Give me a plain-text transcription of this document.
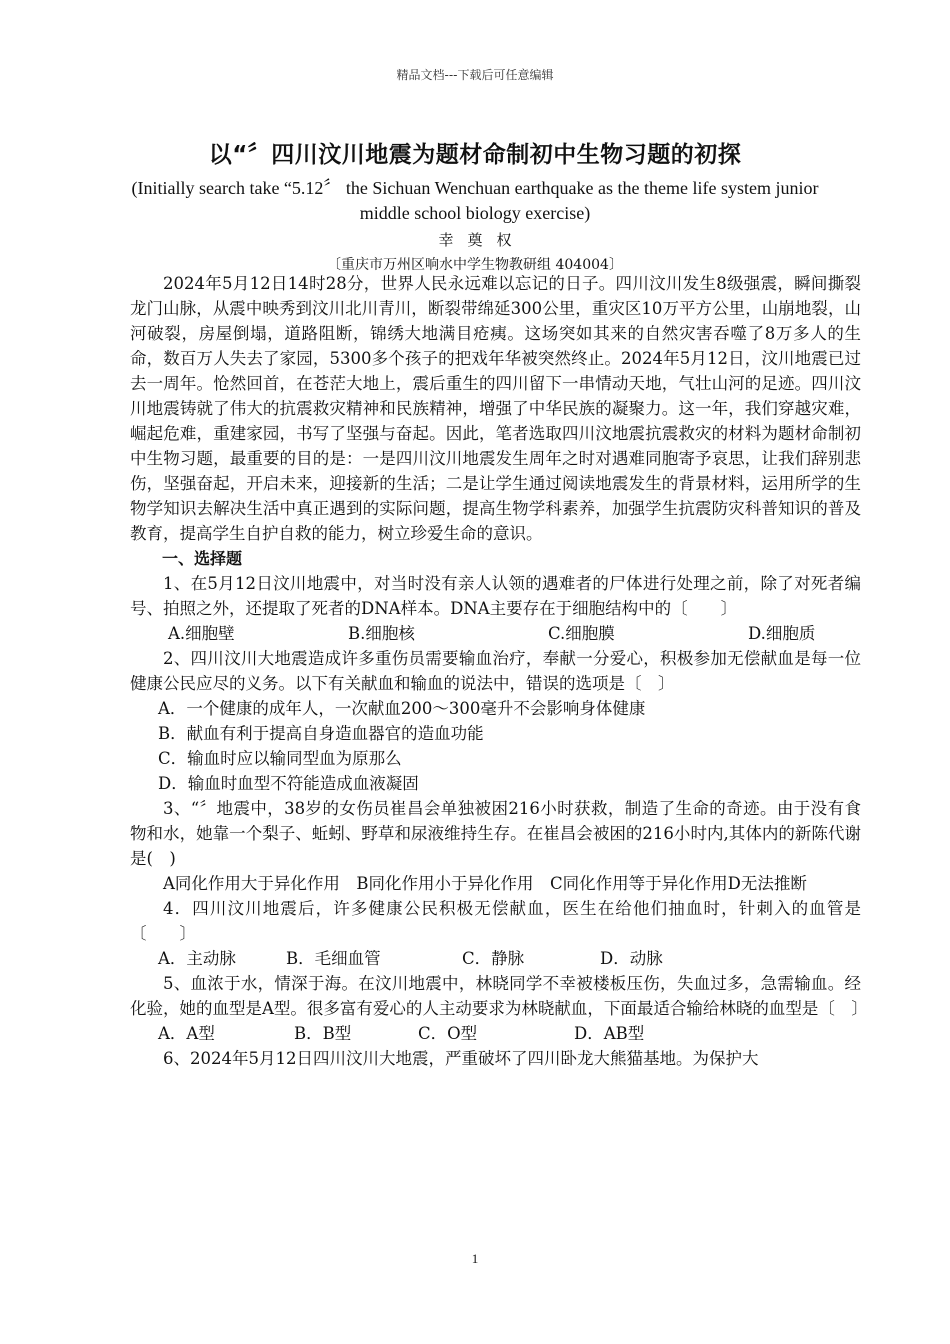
精品文档---下载后可任意编辑
以“〞四川汶川地震为题材命制初中生物习题的初探
(Initially search take “5.12〞 the Sichuan Wenchuan earthquake as the theme life system junior middle school biology exercise)
幸奠权
〔重庆市万州区响水中学生物教研组 404004〕

2024年5月12日14时28分，世界人民永远难以忘记的日子。四川汶川发生8级强震，瞬间撕裂龙门山脉，从震中映秀到汶川北川青川，断裂带绵延300公里，重灾区10万平方公里，山崩地裂，山河破裂，房屋倒塌，道路阻断，锦绣大地满目疮痍。这场突如其来的自然灾害吞噬了8万多人的生命，数百万人失去了家园，5300多个孩子的把戏年华被突然终止。2024年5月12日，汶川地震已过去一周年。怆然回首，在苍茫大地上，震后重生的四川留下一串情动天地，气壮山河的足迹。四川汶川地震铸就了伟大的抗震救灾精神和民族精神，增强了中华民族的凝聚力。这一年，我们穿越灾难，崛起危难，重建家园，书写了坚强与奋起。因此，笔者选取四川汶地震抗震救灾的材料为题材命制初中生物习题，最重要的目的是：一是四川汶川地震发生周年之时对遇难同胞寄予哀思，让我们辞别悲伤，坚强奋起，开启未来，迎接新的生活；二是让学生通过阅读地震发生的背景材料，运用所学的生物学知识去解决生活中真正遇到的实际问题，提高生物学科素养，加强学生抗震防灾科普知识的普及教育，提高学生自护自救的能力，树立珍爱生命的意识。

一、选择题

1、在5月12日汶川地震中，对当时没有亲人认领的遇难者的尸体进行处理之前，除了对死者编号、拍照之外，还提取了死者的DNA样本。DNA主要存在于细胞结构中的〔　　〕

A.细胞壁	B.细胞核	C.细胞膜	D.细胞质

2、四川汶川大地震造成许多重伤员需要输血治疗，奉献一分爱心，积极参加无偿献血是每一位健康公民应尽的义务。以下有关献血和输血的说法中，错误的选项是〔　〕

A．一个健康的成年人，一次献血200～300毫升不会影响身体健康
B．献血有利于提高自身造血器官的造血功能
C．输血时应以输同型血为原那么
D．输血时血型不符能造成血液凝固

3、“〞地震中，38岁的女伤员崔昌会单独被困216小时获救，制造了生命的奇迹。由于没有食物和水，她靠一个梨子、蚯蚓、野草和尿液维持生存。在崔昌会被困的216小时内,其体内的新陈代谢是(　)

A同化作用大于异化作用　B同化作用小于异化作用　C同化作用等于异化作用D无法推断

4．四川汶川地震后，许多健康公民积极无偿献血，医生在给他们抽血时，针刺入的血管是〔　　〕

A．主动脉	B．毛细血管	C．静脉	D．动脉

5、血浓于水，情深于海。在汶川地震中，林晓同学不幸被楼板压伤，失血过多，急需输血。经化验，她的血型是A型。很多富有爱心的人主动要求为林晓献血，下面最适合输给林晓的血型是〔　〕

A．A型	B．B型	C．O型	D．AB型

6、2024年5月12日四川汶川大地震，严重破坏了四川卧龙大熊猫基地。为保护大

1
